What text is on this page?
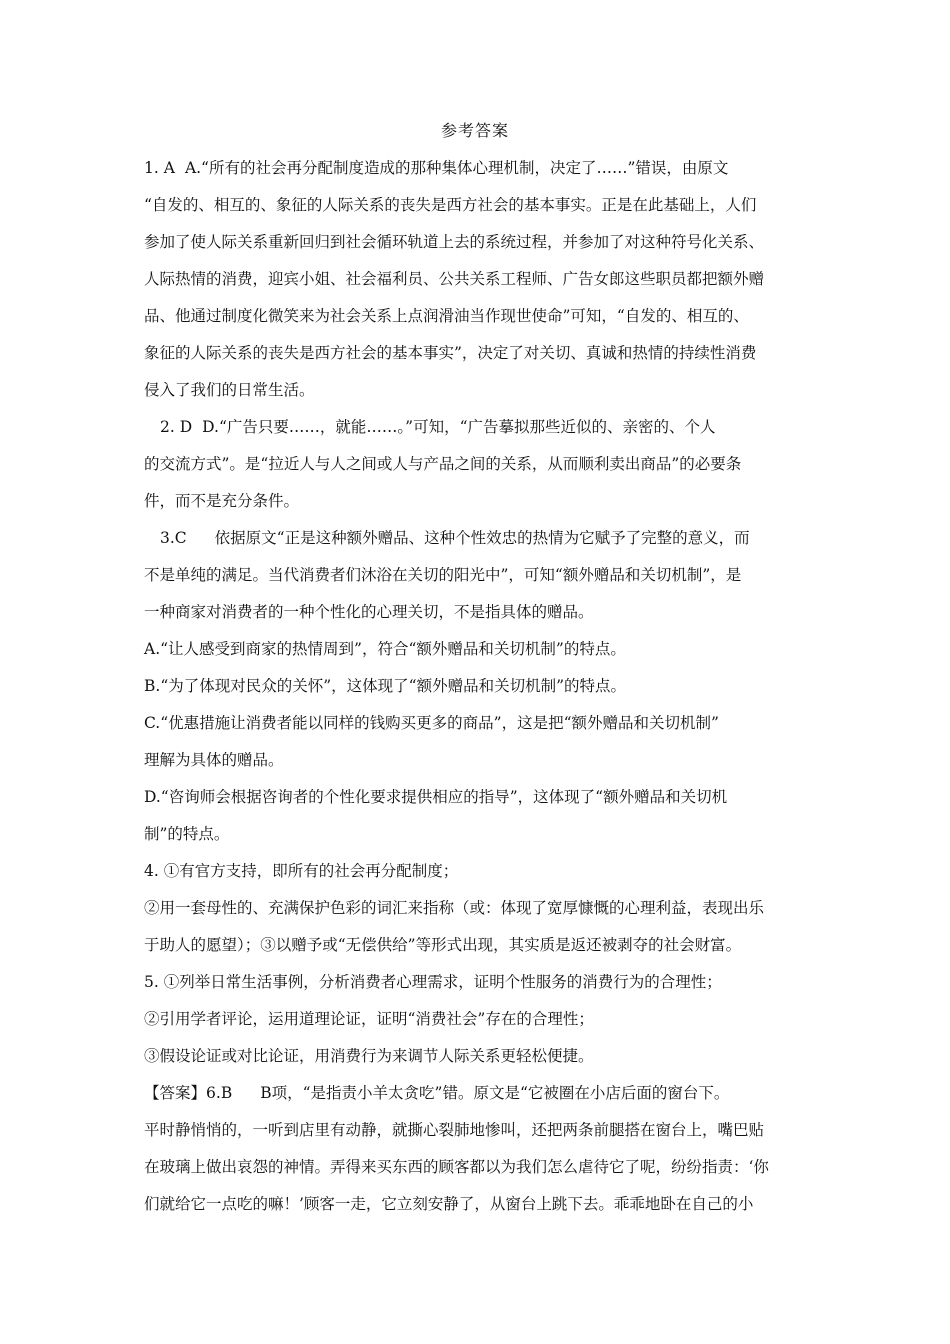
参考答案
1. A A.“所有的社会再分配制度造成的那种集体心理机制，决定了……”错误，由原文
“自发的、相互的、象征的人际关系的丧失是西方社会的基本事实。正是在此基础上，人们
参加了使人际关系重新回归到社会循环轨道上去的系统过程，并参加了对这种符号化关系、
人际热情的消费，迎宾小姐、社会福利员、公共关系工程师、广告女郎这些职员都把额外赠
品、他通过制度化微笑来为社会关系上点润滑油当作现世使命”可知，“自发的、相互的、
象征的人际关系的丧失是西方社会的基本事实”，决定了对关切、真诚和热情的持续性消费
侵入了我们的日常生活。
2. D D.“广告只要……，就能……。”可知，“广告摹拟那些近似的、亲密的、个人
的交流方式”。是“拉近人与人之间或人与产品之间的关系，从而顺利卖出商品”的必要条
件，而不是充分条件。
3.C 依据原文“正是这种额外赠品、这种个性效忠的热情为它赋予了完整的意义，而
不是单纯的满足。当代消费者们沐浴在关切的阳光中”，可知“额外赠品和关切机制”，是
一种商家对消费者的一种个性化的心理关切，不是指具体的赠品。
A.“让人感受到商家的热情周到”，符合“额外赠品和关切机制”的特点。
B.“为了体现对民众的关怀”，这体现了“额外赠品和关切机制”的特点。
C.“优惠措施让消费者能以同样的钱购买更多的商品”，这是把“额外赠品和关切机制”
理解为具体的赠品。
D.“咨询师会根据咨询者的个性化要求提供相应的指导”，这体现了“额外赠品和关切机
制”的特点。
4. ①有官方支持，即所有的社会再分配制度；
②用一套母性的、充满保护色彩的词汇来指称（或：体现了宽厚慷慨的心理利益，表现出乐
于助人的愿望）；③以赠予或“无偿供给”等形式出现，其实质是返还被剥夺的社会财富。
5. ①列举日常生活事例，分析消费者心理需求，证明个性服务的消费行为的合理性；
②引用学者评论，运用道理论证，证明“消费社会”存在的合理性；
③假设论证或对比论证，用消费行为来调节人际关系更轻松便捷。
【答案】6.B B项，“是指责小羊太贪吃”错。原文是“它被圈在小店后面的窗台下。
平时静悄悄的，一听到店里有动静，就撕心裂肺地惨叫，还把两条前腿搭在窗台上，嘴巴贴
在玻璃上做出哀怨的神情。弄得来买东西的顾客都以为我们怎么虐待它了呢，纷纷指责：‘你
们就给它一点吃的嘛！’顾客一走，它立刻安静了，从窗台上跳下去。乖乖地卧在自己的小
